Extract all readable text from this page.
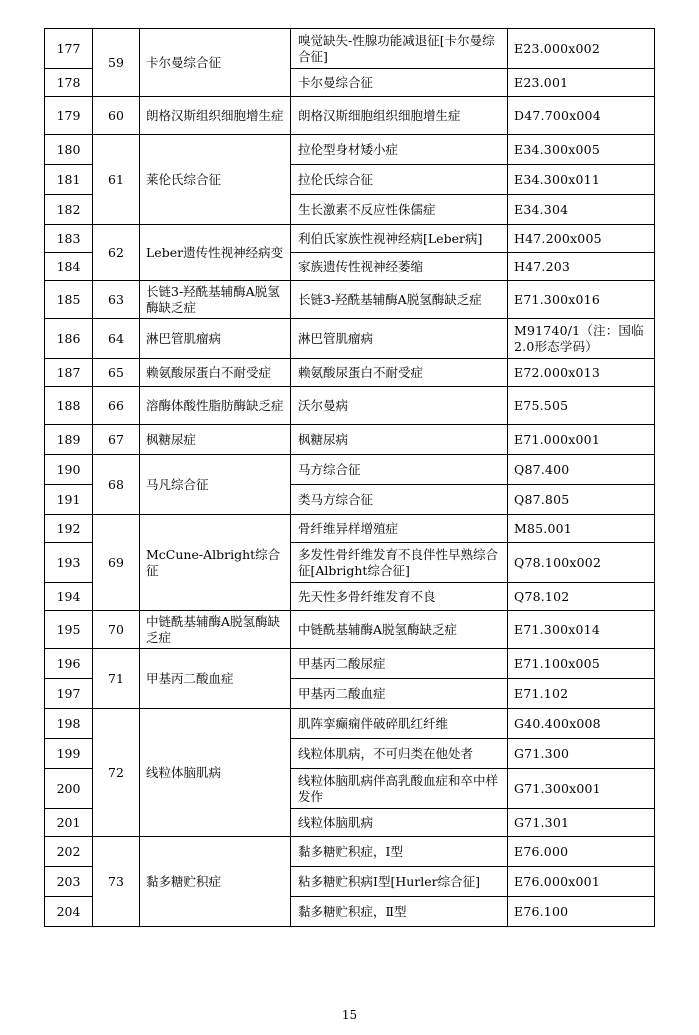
177	59	卡尔曼综合征	嗅觉缺失-性腺功能减退征[卡尔曼综合征]	E23.000x002
178			卡尔曼综合征	E23.001
179	60	朗格汉斯组织细胞增生症	朗格汉斯细胞组织细胞增生症	D47.700x004
180	61	莱伦氏综合征	拉伦型身材矮小症	E34.300x005
181			拉伦氏综合征	E34.300x011
182			生长激素不反应性侏儒症	E34.304
183	62	Leber遗传性视神经病变	利伯氏家族性视神经病[Leber病]	H47.200x005
184			家族遗传性视神经萎缩	H47.203
185	63	长链3-羟酰基辅酶A脱氢酶缺乏症	长链3-羟酰基辅酶A脱氢酶缺乏症	E71.300x016
186	64	淋巴管肌瘤病	淋巴管肌瘤病	M91740/1（注：国临2.0形态学码）
187	65	赖氨酸尿蛋白不耐受症	赖氨酸尿蛋白不耐受症	E72.000x013
188	66	溶酶体酸性脂肪酶缺乏症	沃尔曼病	E75.505
189	67	枫糖尿症	枫糖尿病	E71.000x001
190	68	马凡综合征	马方综合征	Q87.400
191			类马方综合征	Q87.805
192	69	McCune-Albright综合征	骨纤维异样增殖症	M85.001
193			多发性骨纤维发育不良伴性早熟综合征[Albright综合征]	Q78.100x002
194			先天性多骨纤维发育不良	Q78.102
195	70	中链酰基辅酶A脱氢酶缺乏症	中链酰基辅酶A脱氢酶缺乏症	E71.300x014
196	71	甲基丙二酸血症	甲基丙二酸尿症	E71.100x005
197			甲基丙二酸血症	E71.102
198	72	线粒体脑肌病	肌阵挛癫痫伴破碎肌红纤维	G40.400x008
199			线粒体肌病，不可归类在他处者	G71.300
200			线粒体脑肌病伴高乳酸血症和卒中样发作	G71.300x001
201			线粒体脑肌病	G71.301
202	73	黏多糖贮积症	黏多糖贮积症，Ⅰ型	E76.000
203			粘多糖贮积病Ⅰ型[Hurler综合征]	E76.000x001
204			黏多糖贮积症，Ⅱ型	E76.100
15
